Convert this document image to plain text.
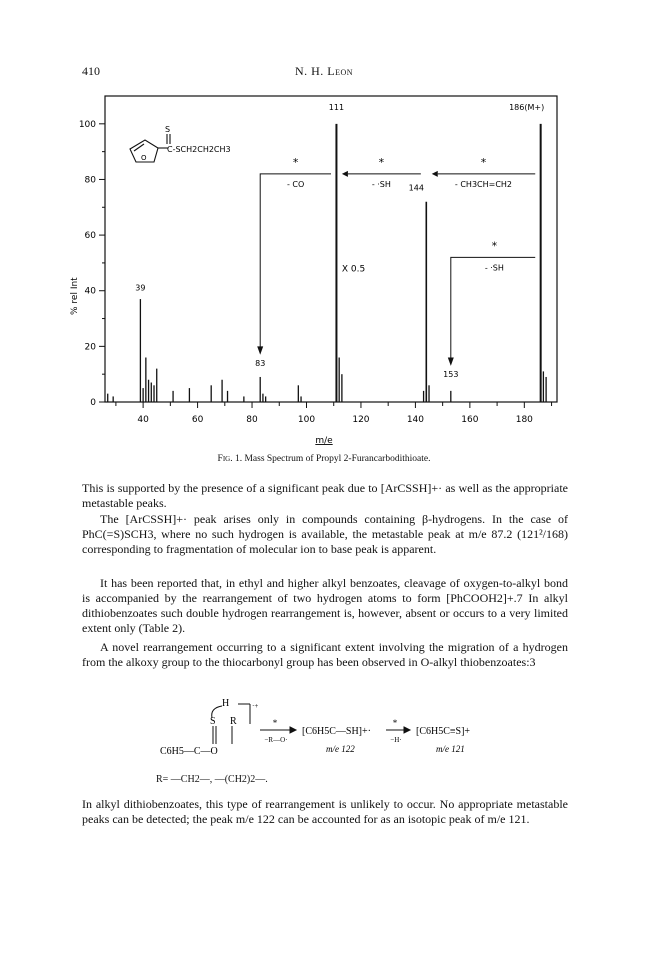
410	N. H. Leon
0
20
40
60
80
100
40	60	80	100	120	140	160	180
39
83
111
144
153
186(M+)
*
- CH3CH=CH2
*
- ·SH
*
- CO
*
- ·SH
% rel Int
m/e
X 0.5
O
S
C-SCH2CH2CH3
Fig. 1. Mass Spectrum of Propyl 2-Furancarbodithioate.

This is supported by the presence of a significant peak due to [ArCSSH]+· as well as the appropriate metastable peaks.

The [ArCSSH]+· peak arises only in compounds containing β-hydrogens. In the case of PhC(=S)SCH3, where no such hydrogen is available, the metastable peak at m/e 87.2 (121²/168) corresponding to fragmentation of molecular ion to base peak is apparent.

It has been reported that, in ethyl and higher alkyl benzoates, cleavage of oxygen-to-alkyl bond is accompanied by the rearrangement of two hydrogen atoms to form [PhCOOH2]+.7 In alkyl dithiobenzoates such double hydrogen rearrangement is, however, absent or occurs to a very limited extent only (Table 2).

A novel rearrangement occurring to a significant extent involving the migration of a hydrogen from the alkoxy group to the thiocarbonyl group has been observed in O-alkyl thiobenzoates:3

H
S R
·+
C6H5—C—O
*
−R—O·
[C6H5C—SH]+·
m/e 122
*
−H·
[C6H5C≡S]+
m/e 121
R= —CH2—, —(CH2)2—.

In alkyl dithiobenzoates, this type of rearrangement is unlikely to occur. No appropriate metastable peaks can be detected; the peak m/e 122 can be accounted for as an isotopic peak of m/e 121.
